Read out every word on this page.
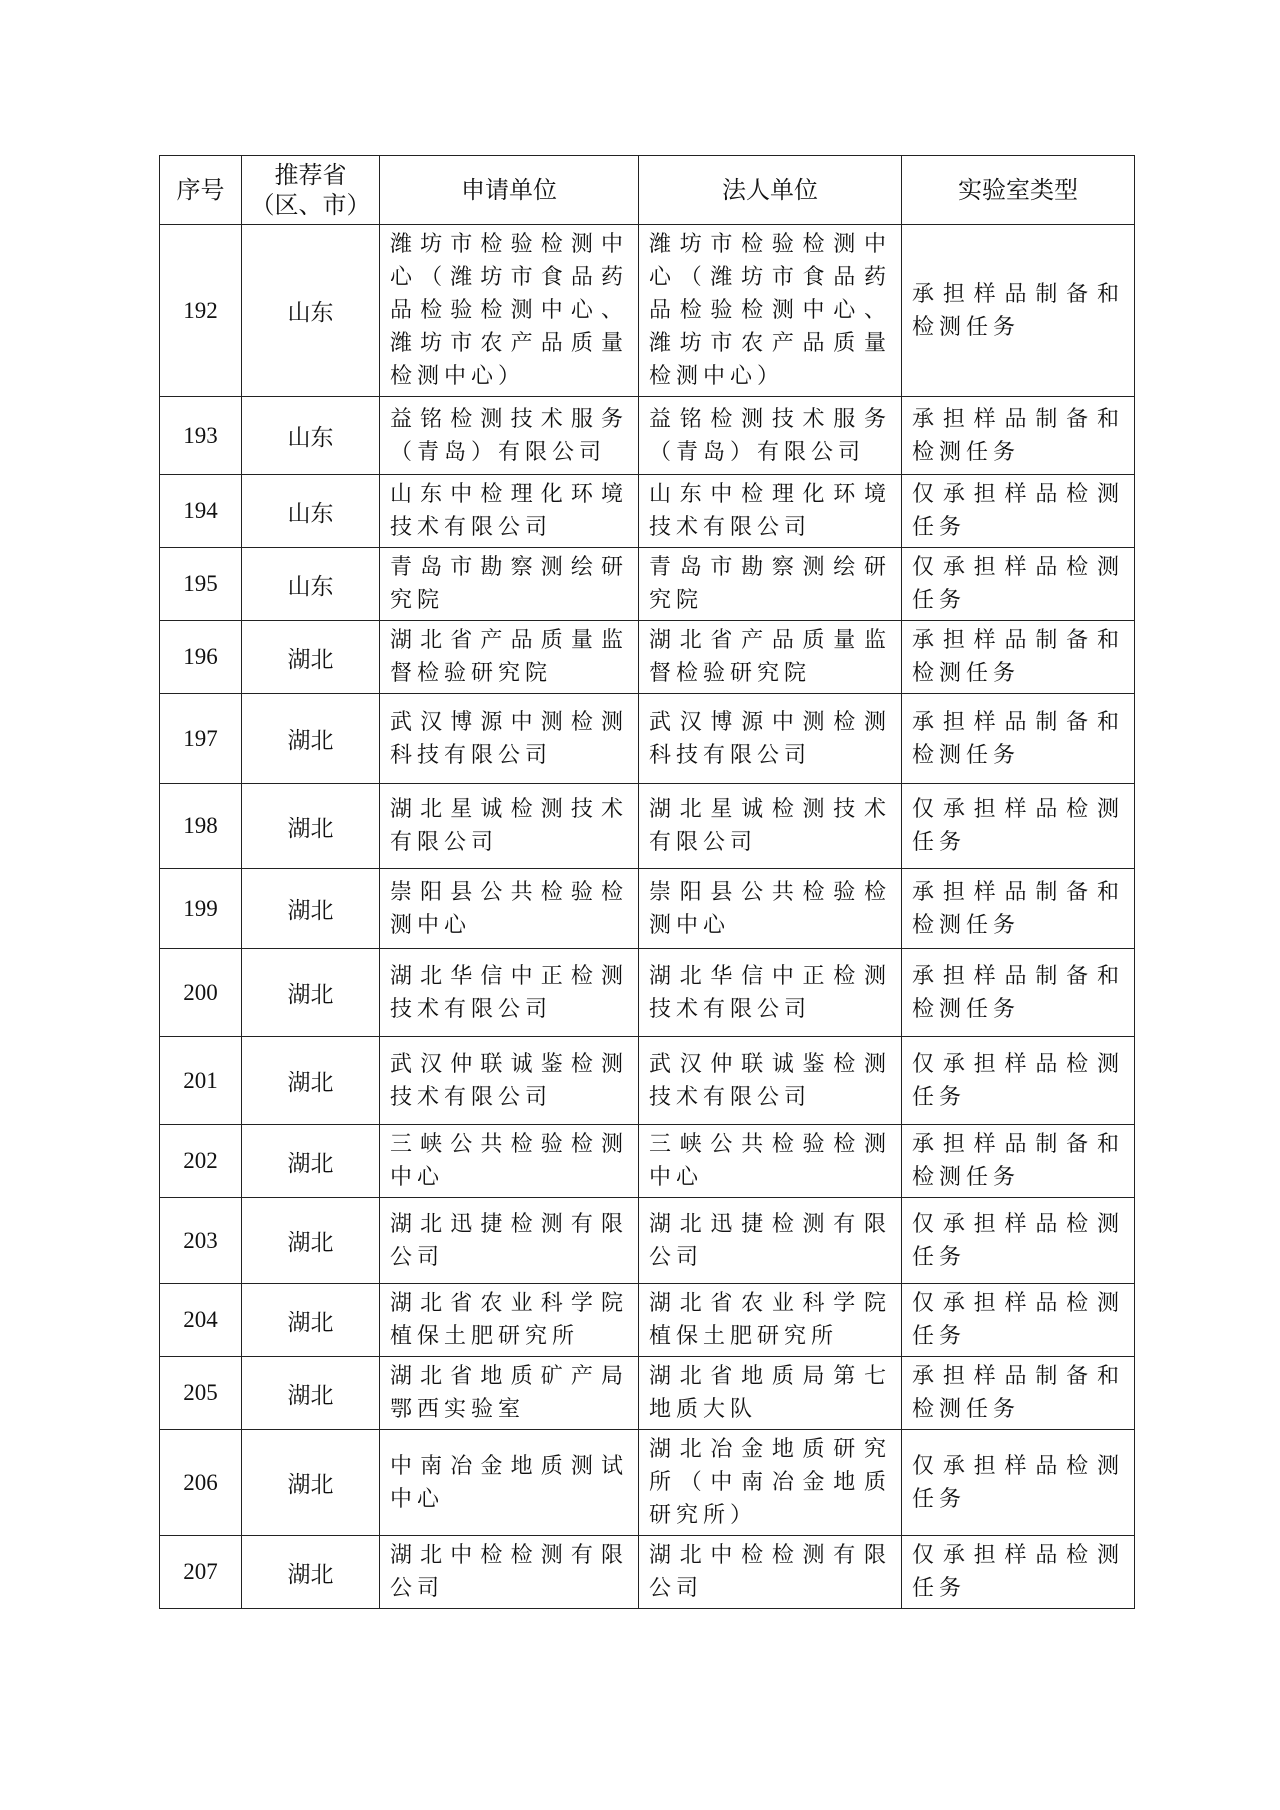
序号	推荐省（区、市）	申请单位	法人单位	实验室类型
192	山东	潍坊市检验检测中心（潍坊市食品药品检验检测中心、潍坊市农产品质量检测中心）	潍坊市检验检测中心（潍坊市食品药品检验检测中心、潍坊市农产品质量检测中心）	承担样品制备和检测任务
193	山东	益铭检测技术服务（青岛）有限公司	益铭检测技术服务（青岛）有限公司	承担样品制备和检测任务
194	山东	山东中检理化环境技术有限公司	山东中检理化环境技术有限公司	仅承担样品检测任务
195	山东	青岛市勘察测绘研究院	青岛市勘察测绘研究院	仅承担样品检测任务
196	湖北	湖北省产品质量监督检验研究院	湖北省产品质量监督检验研究院	承担样品制备和检测任务
197	湖北	武汉博源中测检测科技有限公司	武汉博源中测检测科技有限公司	承担样品制备和检测任务
198	湖北	湖北星诚检测技术有限公司	湖北星诚检测技术有限公司	仅承担样品检测任务
199	湖北	崇阳县公共检验检测中心	崇阳县公共检验检测中心	承担样品制备和检测任务
200	湖北	湖北华信中正检测技术有限公司	湖北华信中正检测技术有限公司	承担样品制备和检测任务
201	湖北	武汉仲联诚鉴检测技术有限公司	武汉仲联诚鉴检测技术有限公司	仅承担样品检测任务
202	湖北	三峡公共检验检测中心	三峡公共检验检测中心	承担样品制备和检测任务
203	湖北	湖北迅捷检测有限公司	湖北迅捷检测有限公司	仅承担样品检测任务
204	湖北	湖北省农业科学院植保土肥研究所	湖北省农业科学院植保土肥研究所	仅承担样品检测任务
205	湖北	湖北省地质矿产局鄂西实验室	湖北省地质局第七地质大队	承担样品制备和检测任务
206	湖北	中南冶金地质测试中心	湖北冶金地质研究所（中南冶金地质研究所）	仅承担样品检测任务
207	湖北	湖北中检检测有限公司	湖北中检检测有限公司	仅承担样品检测任务
